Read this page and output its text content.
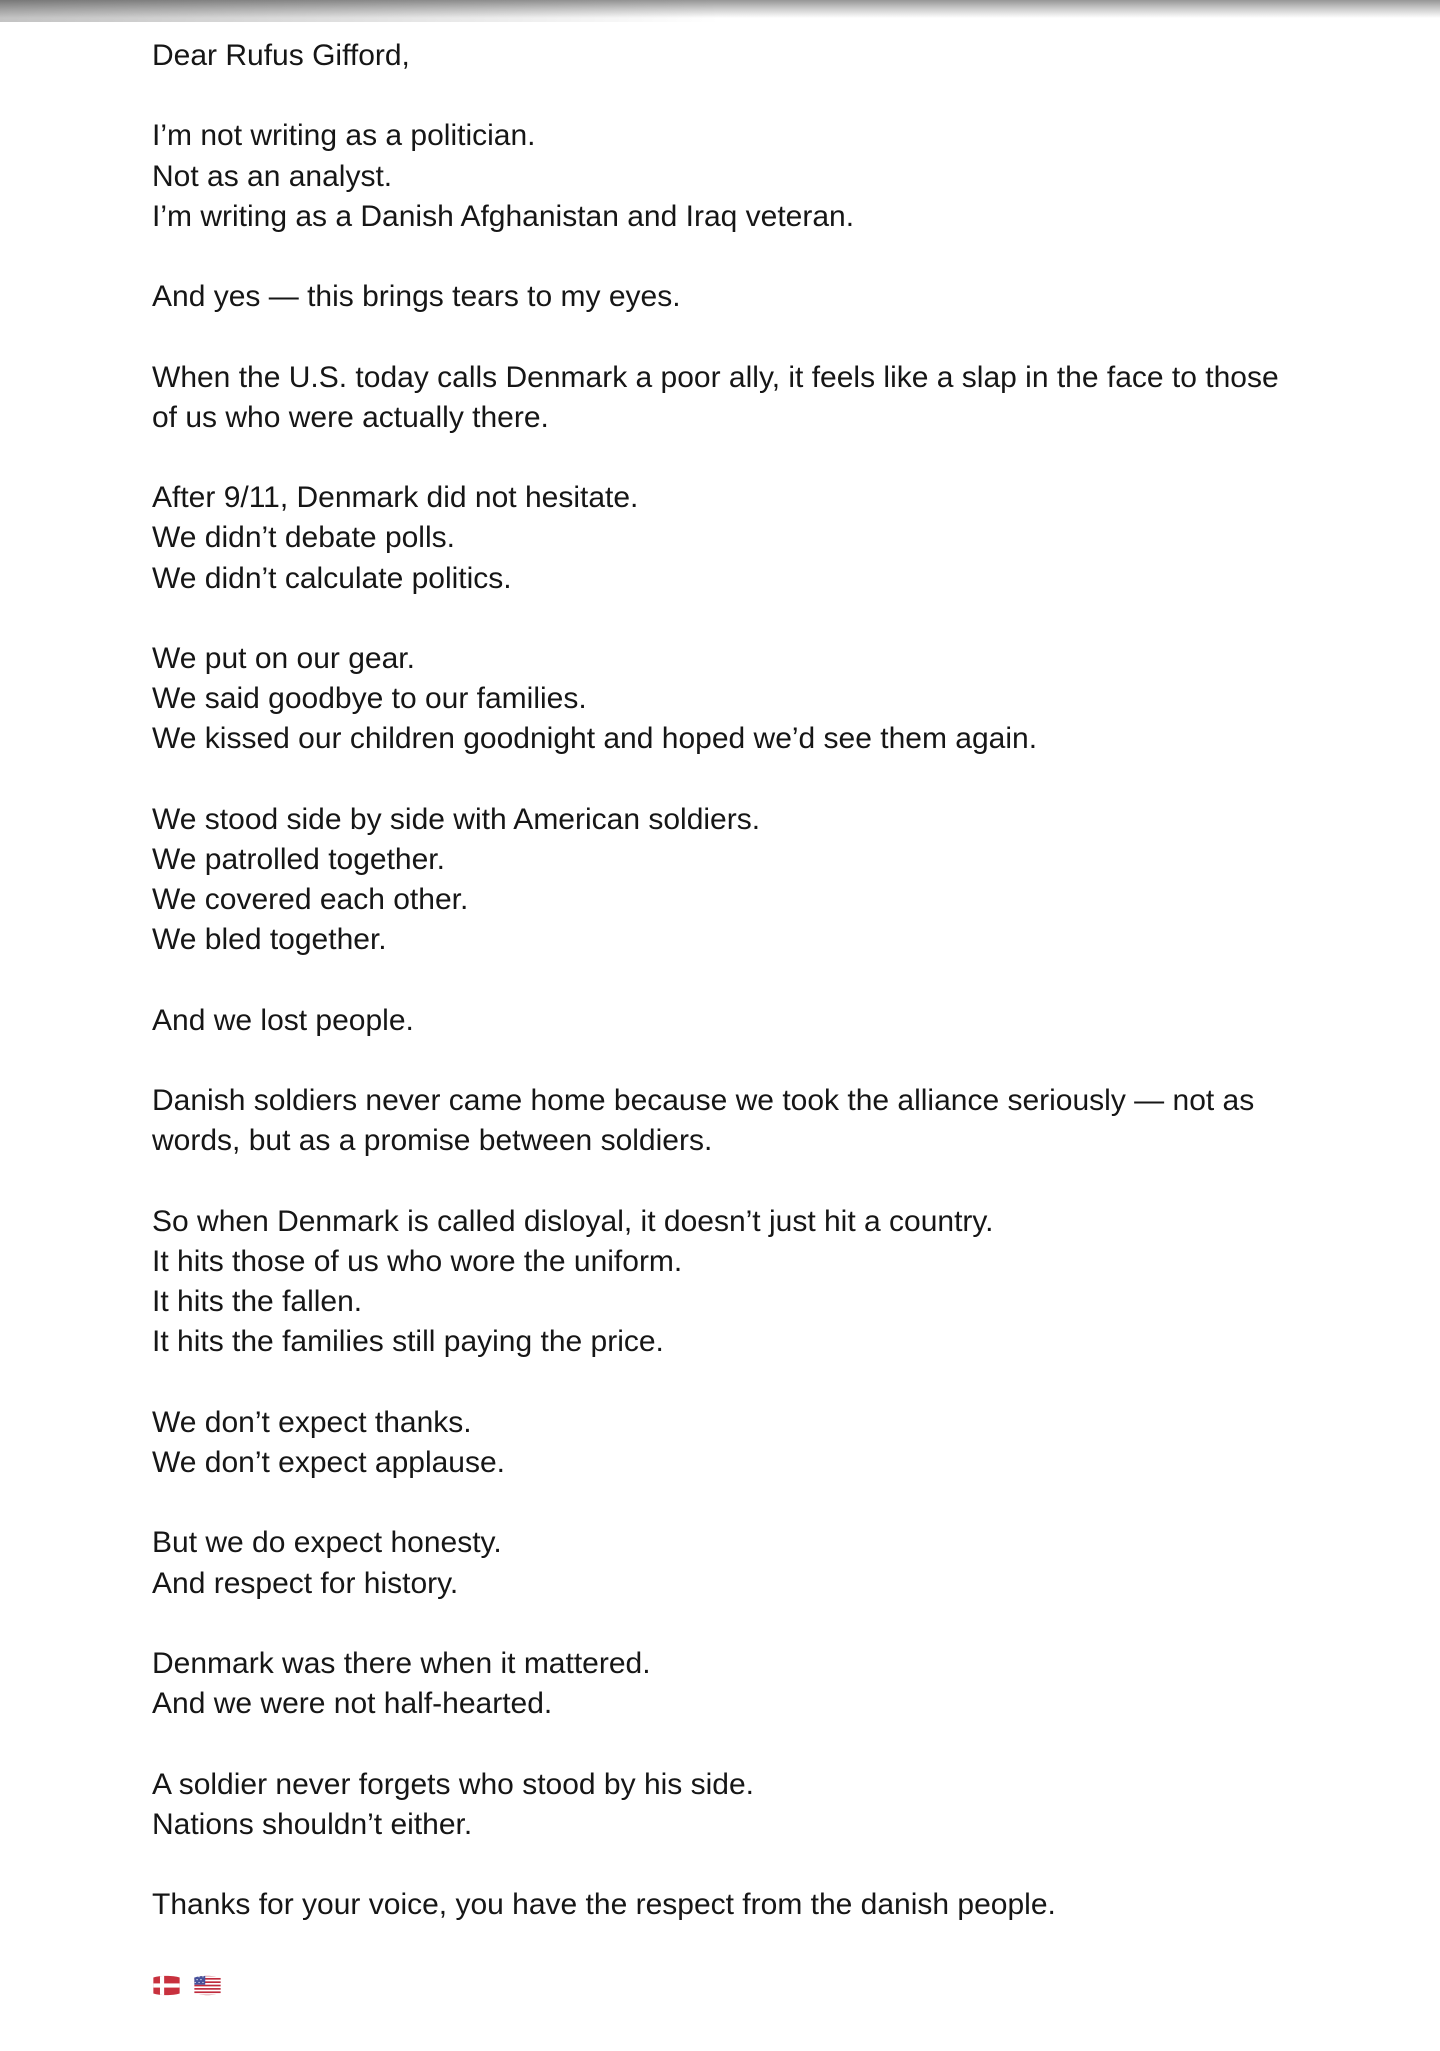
Dear Rufus Gifford,
I’m not writing as a politician.
Not as an analyst.
I’m writing as a Danish Afghanistan and Iraq veteran.
And yes — this brings tears to my eyes.
When the U.S. today calls Denmark a poor ally, it feels like a slap in the face to those
of us who were actually there.
After 9/11, Denmark did not hesitate.
We didn’t debate polls.
We didn’t calculate politics.
We put on our gear.
We said goodbye to our families.
We kissed our children goodnight and hoped we’d see them again.
We stood side by side with American soldiers.
We patrolled together.
We covered each other.
We bled together.
And we lost people.
Danish soldiers never came home because we took the alliance seriously — not as
words, but as a promise between soldiers.
So when Denmark is called disloyal, it doesn’t just hit a country.
It hits those of us who wore the uniform.
It hits the fallen.
It hits the families still paying the price.
We don’t expect thanks.
We don’t expect applause.
But we do expect honesty.
And respect for history.
Denmark was there when it mattered.
And we were not half-hearted.
A soldier never forgets who stood by his side.
Nations shouldn’t either.
Thanks for your voice, you have the respect from the danish people.
